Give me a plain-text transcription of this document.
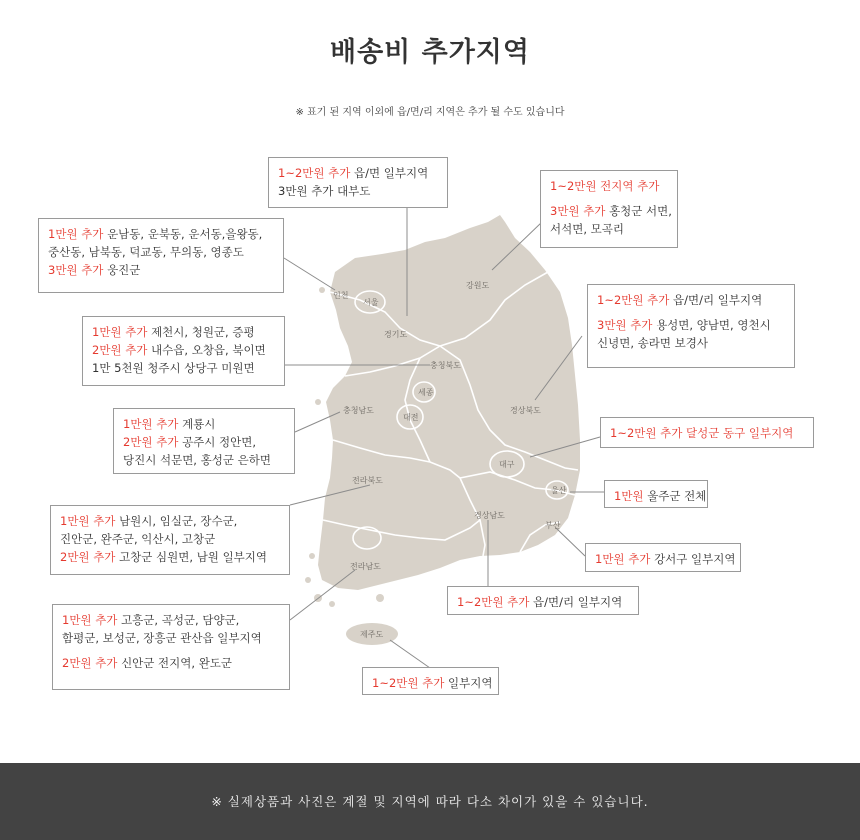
배송비 추가지역
※ 표기 된 지역 이외에 읍/면/리 지역은 추가 될 수도 있습니다
인천
서울
경기도
강원도
충청북도
세종
충청남도
대전
경상북도
대구
울산
전라북도
경상남도
부산
전라남도
제주도
1~2만원 추가 읍/면 일부지역
3만원 추가 대부도	1~2만원 전지역 추가
3만원 추가 홍청군 서면,
서석면, 모곡리
1만원 추가 운남동, 운북동, 운서동,을왕동,
중산동, 남북동, 덕교동, 무의동, 영종도
3만원 추가 웅진군
1~2만원 추가 읍/면/리 일부지역
3만원 추가 용성면, 양남면, 영천시
신녕면, 송라면 보경사
1만원 추가 제천시, 청원군, 증평
2만원 추가 내수읍, 오창읍, 북이면
1만 5천원 청주시 상당구 미원면
1만원 추가 계룡시
2만원 추가 공주시 정안면,
당진시 석문면, 홍성군 은하면
1~2만원 추가 달성군 동구 일부지역
1만원 울주군 전체
1만원 추가 남원시, 임실군, 장수군,
진안군, 완주군, 익산시, 고창군
2만원 추가 고창군 심원면, 남원 일부지역	1만원 추가 강서구 일부지역
1~2만원 추가 읍/면/리 일부지역
1만원 추가 고흥군, 곡성군, 담양군,
함평군, 보성군, 장흥군 관산읍 일부지역
2만원 추가 신안군 전지역, 완도군
1~2만원 추가 일부지역
※ 실제상품과 사진은 계절 및 지역에 따라 다소 차이가 있을 수 있습니다.
